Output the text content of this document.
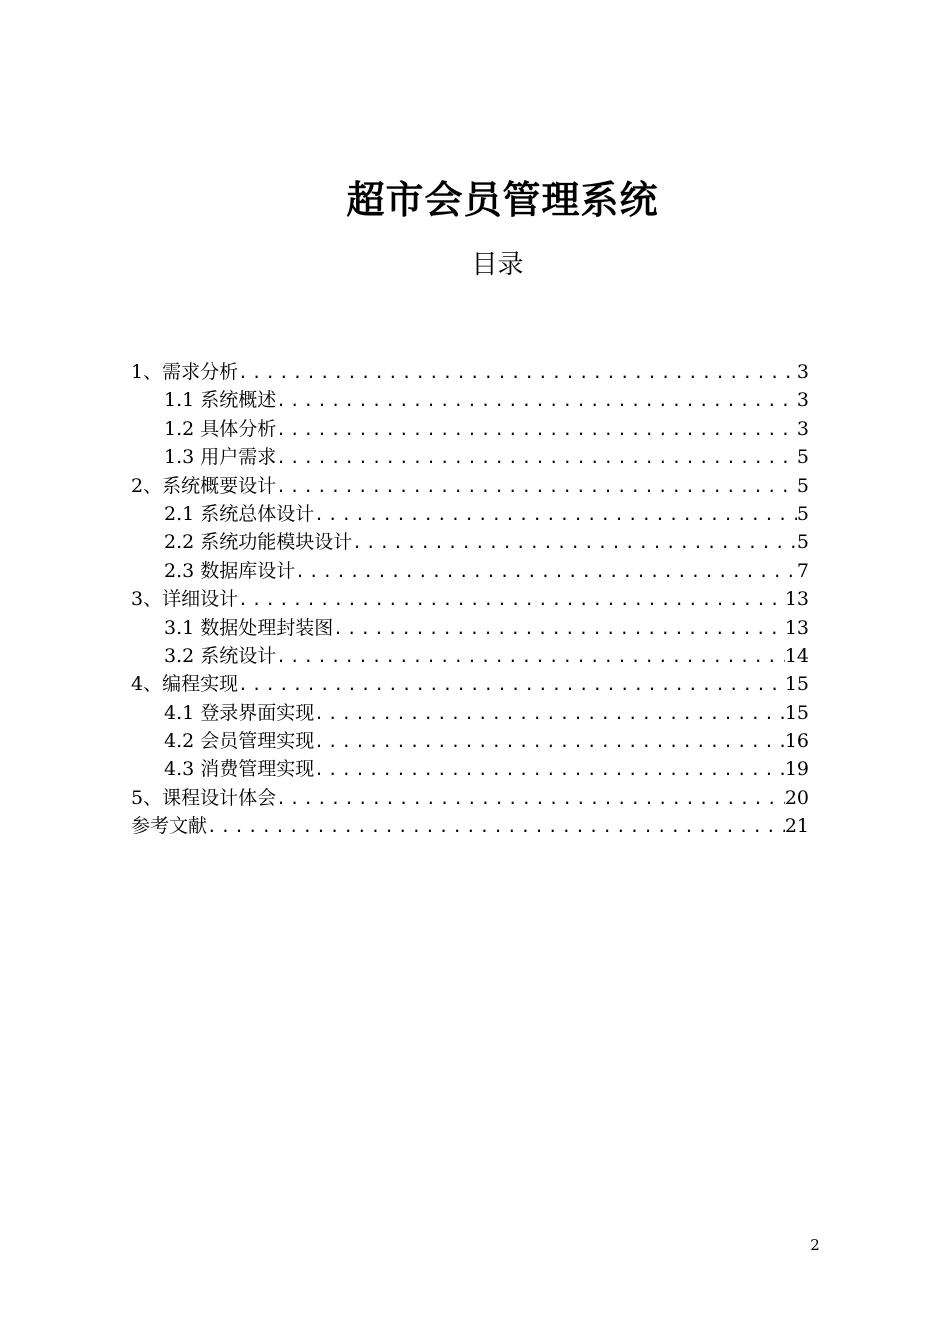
超市会员管理系统
目录
1、需求分析 .....	3
1.1 系统概述 .....	3
1.2 具体分析 .....	3
1.3 用户需求 .....	5
2、系统概要设计 .....	5
2.1 系统总体设计 .....	5
2.2 系统功能模块设计 .....	5
2.3 数据库设计 .....	7
3、详细设计 .....	13
3.1 数据处理封装图 .....	13
3.2 系统设计 .....	14
4、编程实现 .....	15
4.1 登录界面实现 .....	15
4.2 会员管理实现 .....	16
4.3 消费管理实现 .....	19
5、课程设计体会 .....	20
参考文献 .....	21
2
